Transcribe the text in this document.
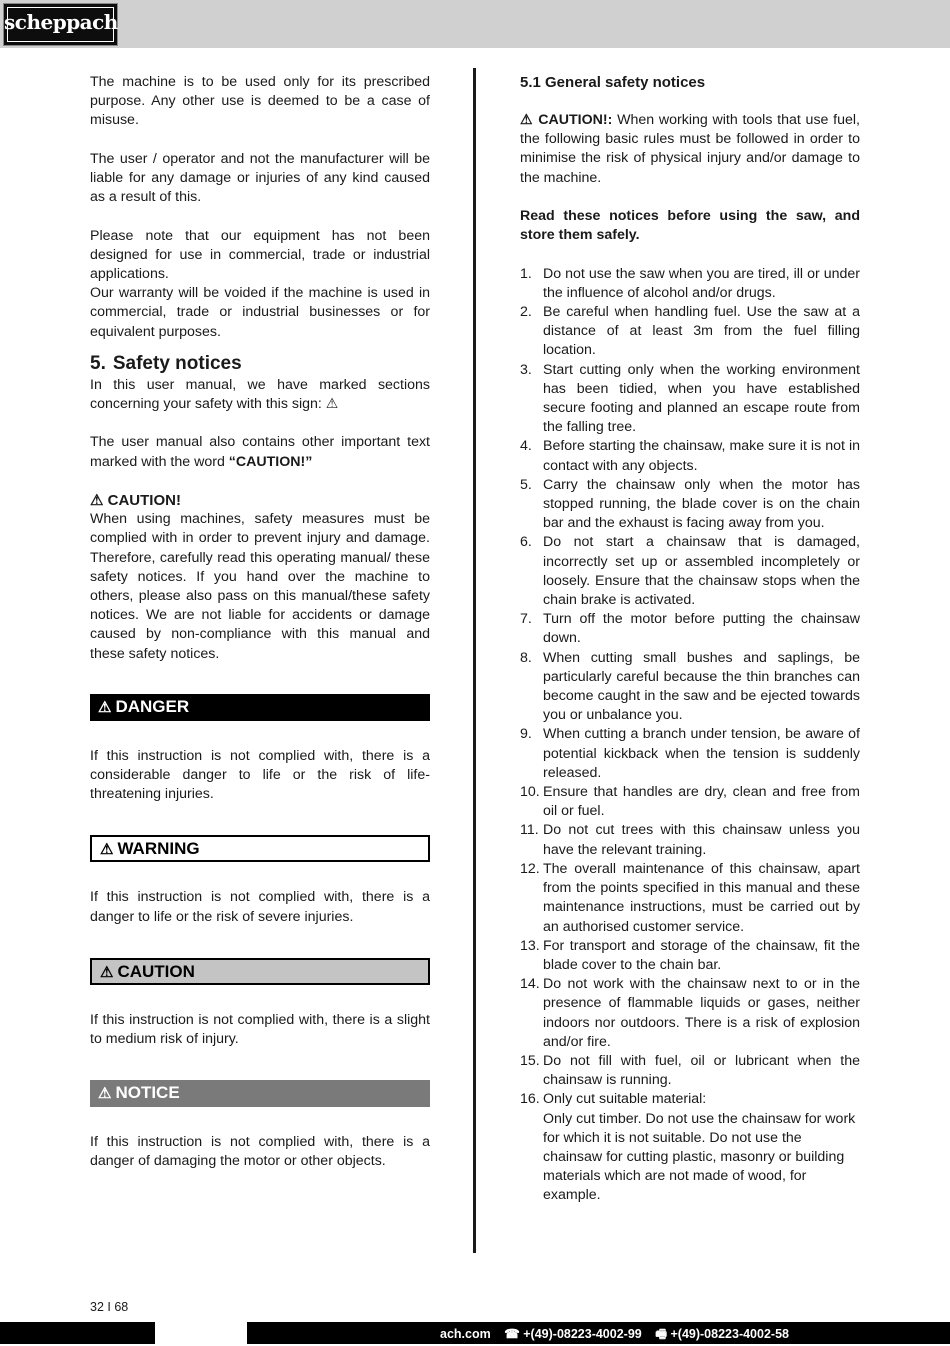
scheppach

The machine is to be used only for its prescribed purpose. Any other use is deemed to be a case of misuse.

The user / operator and not the manufacturer will be liable for any damage or injuries of any kind caused as a result of this.

Please note that our equipment has not been designed for use in commercial, trade or industrial applications.

Our warranty will be voided if the machine is used in commercial, trade or industrial businesses or for equivalent purposes.

5. Safety notices

In this user manual, we have marked sections concerning your safety with this sign: ⚠

The user manual also contains other important text marked with the word “CAUTION!”

⚠ CAUTION!

When using machines, safety measures must be complied with in order to prevent injury and damage. Therefore, carefully read this operating manual/ these safety notices. If you hand over the machine to others, please also pass on this manual/these safety notices. We are not liable for accidents or damage caused by non-compliance with this manual and these safety notices.

⚠ DANGER

If this instruction is not complied with, there is a considerable danger to life or the risk of life-threatening injuries.

⚠ WARNING

If this instruction is not complied with, there is a danger to life or the risk of severe injuries.

⚠ CAUTION

If this instruction is not complied with, there is a slight to medium risk of injury.

⚠ NOTICE

If this instruction is not complied with, there is a danger of damaging the motor or other objects.

5.1 General safety notices

⚠ CAUTION!: When working with tools that use fuel, the following basic rules must be followed in order to minimise the risk of physical injury and/or damage to the machine.

Read these notices before using the saw, and store them safely.

1. Do not use the saw when you are tired, ill or under the influence of alcohol and/or drugs.
2. Be careful when handling fuel. Use the saw at a distance of at least 3m from the fuel filling location.
3. Start cutting only when the working environment has been tidied, when you have established secure footing and planned an escape route from the falling tree.
4. Before starting the chainsaw, make sure it is not in contact with any objects.
5. Carry the chainsaw only when the motor has stopped running, the blade cover is on the chain bar and the exhaust is facing away from you.
6. Do not start a chainsaw that is damaged, incorrectly set up or assembled incompletely or loosely. Ensure that the chainsaw stops when the chain brake is activated.
7. Turn off the motor before putting the chainsaw down.
8. When cutting small bushes and saplings, be particularly careful because the thin branches can become caught in the saw and be ejected towards you or unbalance you.
9. When cutting a branch under tension, be aware of potential kickback when the tension is suddenly released.
10. Ensure that handles are dry, clean and free from oil or fuel.
11. Do not cut trees with this chainsaw unless you have the relevant training.
12. The overall maintenance of this chainsaw, apart from the points specified in this manual and these maintenance instructions, must be carried out by an authorised customer service.
13. For transport and storage of the chainsaw, fit the blade cover to the chain bar.
14. Do not work with the chainsaw next to or in the presence of flammable liquids or gases, neither indoors nor outdoors. There is a risk of explosion and/or fire.
15. Do not fill with fuel, oil or lubricant when the chainsaw is running.
16. Only cut suitable material:

Only cut timber. Do not use the chainsaw for work for which it is not suitable. Do not use the chainsaw for cutting plastic, masonry or building materials which are not made of wood, for example.

32 I 68
ach.com ☎ +(49)-08223-4002-99 🖷 +(49)-08223-4002-58
